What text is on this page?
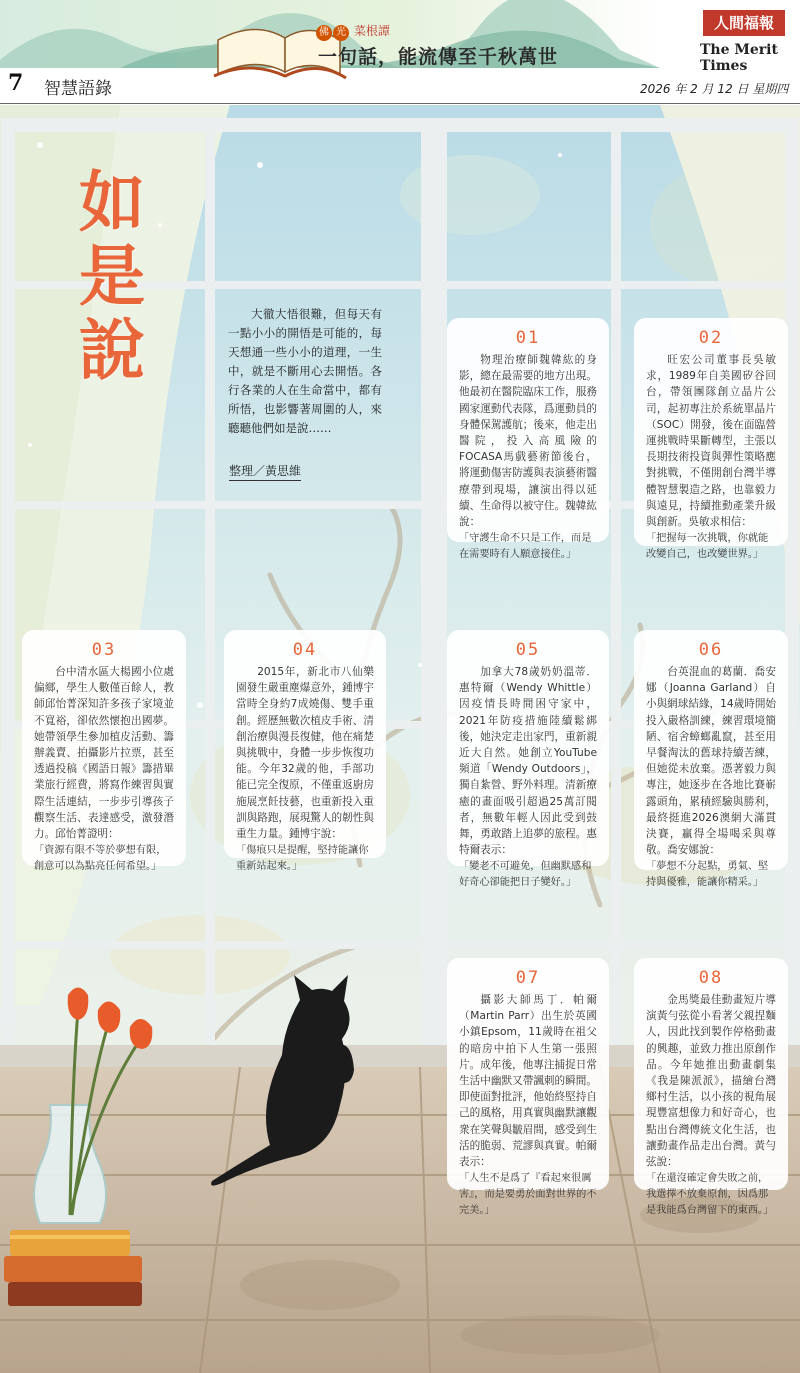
7 智慧語錄
佛 光 菜根譚
一句話，能流傳至千秋萬世
人間福報
The Merit Times
2026 年 2 月 12 日 星期四
如
是
說	大徹大悟很難，但每天有一點小小的開悟是可能的，每天想通一些小小的道理，一生中，就是不斷用心去開悟。各行各業的人在生命當中，都有所悟，也影響著周圍的人，來聽聽他們如是說……
整理／黃思維
01

物理治療師魏韓紘的身影，總在最需要的地方出現。他最初在醫院臨床工作，服務國家運動代表隊，爲運動員的身體保駕護航；後來，他走出醫院，投入高風險的FOCASA馬戲藝術節後台，將運動傷害防護與表演藝術醫療帶到現場，讓演出得以延續、生命得以被守住。魏韓紘說：

「守護生命不只是工作，而是在需要時有人願意接住。」

02

旺宏公司董事長吳敏求，1989年自美國矽谷回台，帶領團隊創立晶片公司，起初專注於系統單晶片（SOC）開發，後在面臨營運挑戰時果斷轉型，主張以長期技術投資與彈性策略應對挑戰，不僅開創台灣半導體智慧製造之路，也靠毅力與遠見，持續推動產業升級與創新。吳敏求相信：

「把握每一次挑戰，你就能改變自己，也改變世界。」

03

台中清水區大楊國小位處偏鄉，學生人數僅百餘人，教師邱怡菁深知許多孩子家境並不寬裕，卻依然懷抱出國夢。她帶領學生參加植皮活動、籌辦義賣、拍攝影片拉票，甚至透過投稿《國語日報》籌措畢業旅行經費，將寫作練習與實際生活連結，一步步引導孩子觀察生活、表達感受，激發潛力。邱怡菁證明：

「資源有限不等於夢想有限，創意可以為點亮任何希望。」

04

2015年，新北市八仙樂園發生嚴重塵爆意外，鍾博宇當時全身約7成燒傷、雙手重創。經歷無數次植皮手術、清創治療與漫長復健，他在痛楚與挑戰中，身體一步步恢復功能。今年32歲的他，手部功能已完全復原，不僅重返廚房施展烹飪技藝，也重新投入重訓與路跑，展現驚人的韌性與重生力量。鍾博宇說：

「傷痕只是提醒，堅持能讓你重新站起來。」

05

加拿大78歲奶奶溫蒂．惠特爾（Wendy Whittle）因疫情長時間困守家中，2021年防疫措施陸續鬆綁後，她決定走出家門，重新親近大自然。她創立YouTube頻道「Wendy Outdoors」，獨自紮營、野外料理。清新療癒的畫面吸引超過25萬訂閱者，無數年輕人因此受到鼓舞，勇敢踏上追夢的旅程。惠特爾表示：

「變老不可避免，但幽默感和好奇心卻能把日子變好。」

06

台英混血的葛蘭．喬安娜（Joanna Garland）自小與網球結緣，14歲時開始投入嚴格訓練，練習環境簡陋、宿舍蟑螂亂竄，甚至用早餐淘汰的舊球持續苦練，但她從未放棄。憑著毅力與專注，她逐步在各地比賽嶄露頭角，累積經驗與勝利，最終挺進2026澳網大滿貫決賽，贏得全場喝采與尊敬。喬安娜說：

「夢想不分起點，勇氣、堅持與優雅，能讓你精采。」

07

攝影大師馬丁．帕爾（Martin Parr）出生於英國小鎮Epsom，11歲時在祖父的暗房中拍下人生第一張照片。成年後，他專注捕捉日常生活中幽默又帶諷刺的瞬間。即使面對批評，他始終堅持自己的風格，用真實與幽默讓觀衆在笑聲與皺眉間，感受到生活的脆弱、荒謬與真實。帕爾表示：

「人生不是爲了『看起來很厲害』，而是要勇於面對世界的不完美。」

08

金馬獎最佳動畫短片導演黃勻弦從小看著父親捏麵人，因此找到製作停格動畫的興趣，並致力推出原創作品。今年她推出動畫劇集《我是陳派派》，描繪台灣鄉村生活，以小孩的視角展現豐富想像力和好奇心，也點出台灣傳統文化生活，也讓動畫作品走出台灣。黃勻弦說：

「在還沒確定會失敗之前，我選擇不放棄原創，因爲那是我能爲台灣留下的東西。」
